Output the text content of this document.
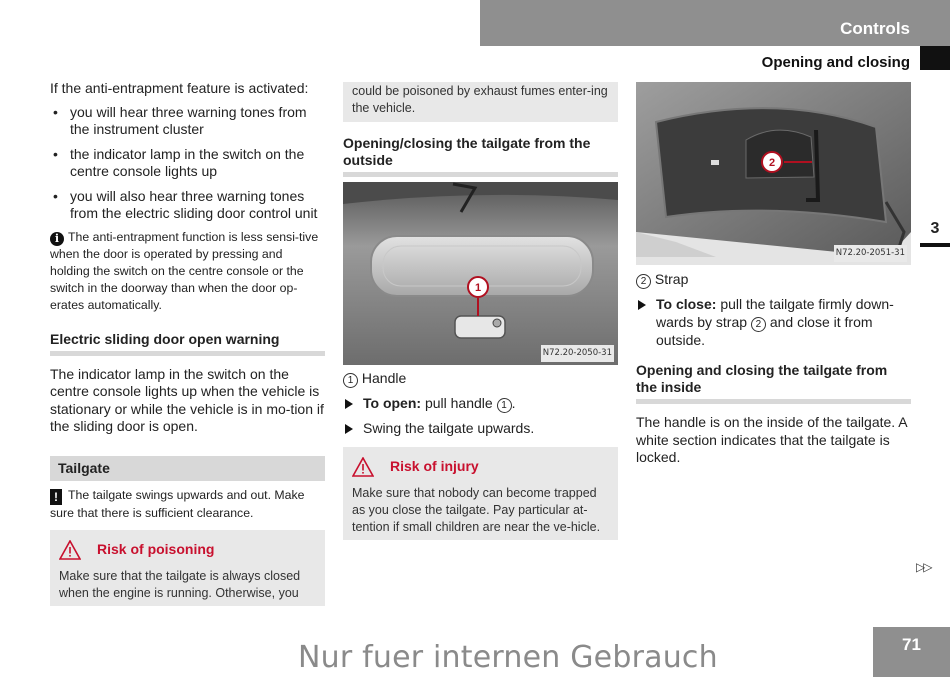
Controls
Opening and closing
3

If the anti-entrapment feature is activated:

• you will hear three warning tones from the instrument cluster
• the indicator lamp in the switch on the centre console lights up
• you will also hear three warning tones from the electric sliding door control unit

i The anti-entrapment function is less sensi-tive when the door is operated by pressing and holding the switch on the centre console or the switch in the doorway than when the door op-erates automatically.

Electric sliding door open warning

The indicator lamp in the switch on the centre console lights up when the vehicle is stationary or while the vehicle is in mo-tion if the sliding door is open.

Tailgate

! The tailgate swings upwards and out. Make sure that there is sufficient clearance.

Risk of poisoning
Make sure that the tailgate is always closed when the engine is running. Otherwise, you
could be poisoned by exhaust fumes enter-ing the vehicle.
Opening/closing the tailgate from the outside
1
N72.20-2050-31

1 Handle

To open: pull handle 1 .
Swing the tailgate upwards.
Risk of injury
Make sure that nobody can become trapped as you close the tailgate. Pay particular at-tention if small children are near the ve-hicle.
2
N72.20-2051-31

2 Strap

To close: pull the tailgate firmly down-wards by strap 2 and close it from outside.
Opening and closing the tailgate from the inside

The handle is on the inside of the tailgate. A white section indicates that the tailgate is locked.

▷▷
71
Nur fuer internen Gebrauch
